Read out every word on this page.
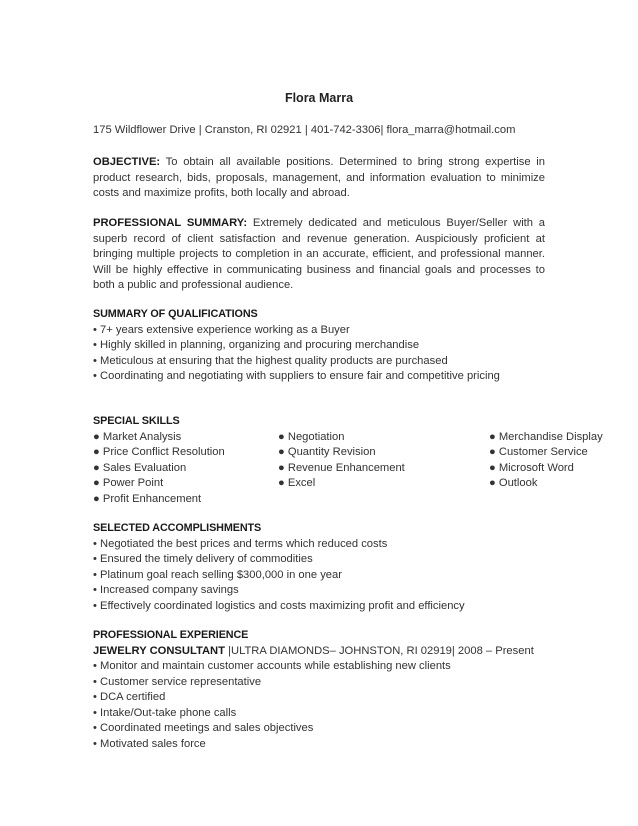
Flora Marra
175 Wildflower Drive | Cranston, RI 02921 | 401-742-3306| flora_marra@hotmail.com
OBJECTIVE: To obtain all available positions. Determined to bring strong expertise in product research, bids, proposals, management, and information evaluation to minimize costs and maximize profits, both locally and abroad.
PROFESSIONAL SUMMARY: Extremely dedicated and meticulous Buyer/Seller with a superb record of client satisfaction and revenue generation. Auspiciously proficient at bringing multiple projects to completion in an accurate, efficient, and professional manner. Will be highly effective in communicating business and financial goals and processes to both a public and professional audience.
SUMMARY OF QUALIFICATIONS
• 7+ years extensive experience working as a Buyer
• Highly skilled in planning, organizing and procuring merchandise
• Meticulous at ensuring that the highest quality products are purchased
• Coordinating and negotiating with suppliers to ensure fair and competitive pricing
SPECIAL SKILLS
● Market Analysis
● Price Conflict Resolution
● Sales Evaluation
● Power Point
● Profit Enhancement
● Negotiation
● Quantity Revision
● Revenue Enhancement
● Excel
● Merchandise Display
● Customer Service
● Microsoft Word
● Outlook
SELECTED ACCOMPLISHMENTS
• Negotiated the best prices and terms which reduced costs
• Ensured the timely delivery of commodities
• Platinum goal reach selling $300,000 in one year
• Increased company savings
• Effectively coordinated logistics and costs maximizing profit and efficiency
PROFESSIONAL EXPERIENCE
JEWELRY CONSULTANT |ULTRA DIAMONDS– JOHNSTON, RI 02919| 2008 – Present
• Monitor and maintain customer accounts while establishing new clients
• Customer service representative
• DCA certified
• Intake/Out-take phone calls
• Coordinated meetings and sales objectives
• Motivated sales force
